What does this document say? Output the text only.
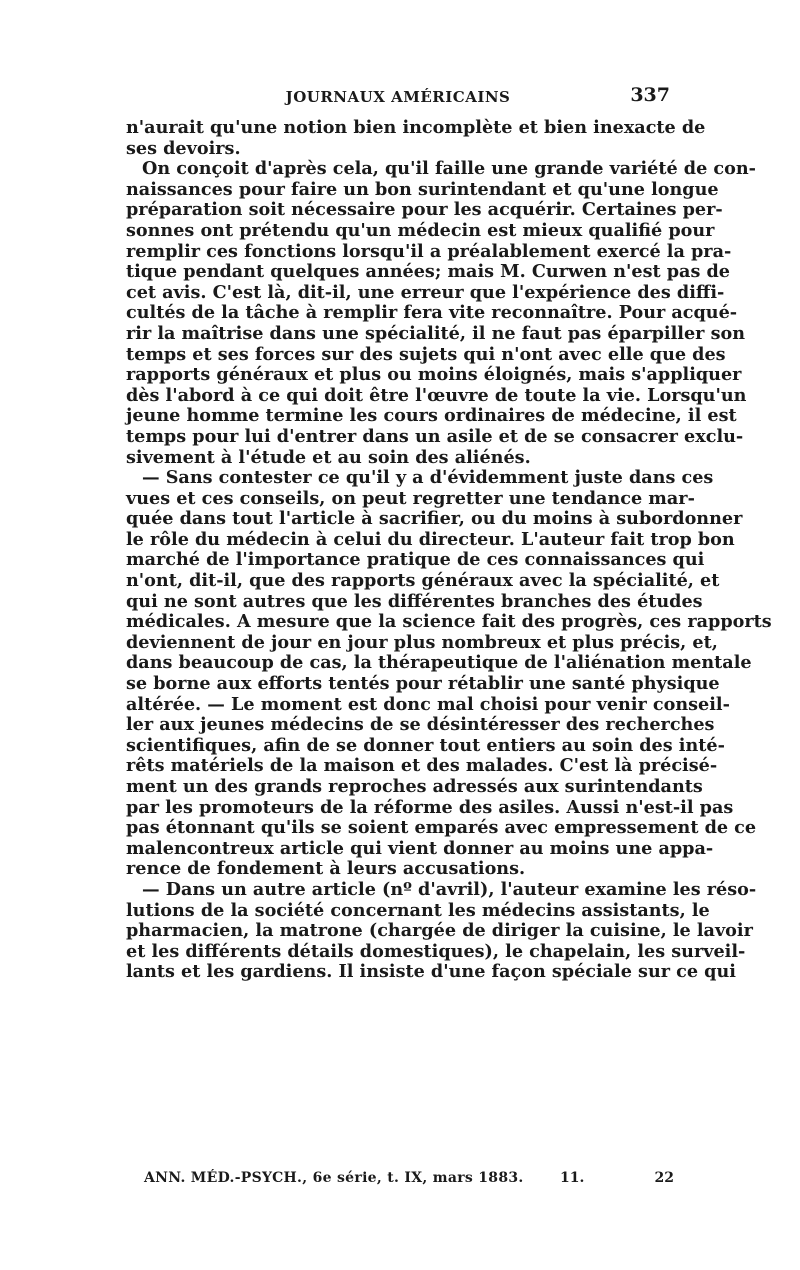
JOURNAUX AMÉRICAINS	337
n'aurait qu'une notion bien incomplète et bien inexacte de
ses devoirs.
On conçoit d'après cela, qu'il faille une grande variété de con-
naissances pour faire un bon surintendant et qu'une longue
préparation soit nécessaire pour les acquérir. Certaines per-
sonnes ont prétendu qu'un médecin est mieux qualifié pour
remplir ces fonctions lorsqu'il a préalablement exercé la pra-
tique pendant quelques années; mais M. Curwen n'est pas de
cet avis. C'est là, dit-il, une erreur que l'expérience des diffi-
cultés de la tâche à remplir fera vite reconnaître. Pour acqué-
rir la maîtrise dans une spécialité, il ne faut pas éparpiller son
temps et ses forces sur des sujets qui n'ont avec elle que des
rapports généraux et plus ou moins éloignés, mais s'appliquer
dès l'abord à ce qui doit être l'œuvre de toute la vie. Lorsqu'un
jeune homme termine les cours ordinaires de médecine, il est
temps pour lui d'entrer dans un asile et de se consacrer exclu-
sivement à l'étude et au soin des aliénés.
— Sans contester ce qu'il y a d'évidemment juste dans ces
vues et ces conseils, on peut regretter une tendance mar-
quée dans tout l'article à sacrifier, ou du moins à subordonner
le rôle du médecin à celui du directeur. L'auteur fait trop bon
marché de l'importance pratique de ces connaissances qui
n'ont, dit-il, que des rapports généraux avec la spécialité, et
qui ne sont autres que les différentes branches des études
médicales. A mesure que la science fait des progrès, ces rapports
deviennent de jour en jour plus nombreux et plus précis, et,
dans beaucoup de cas, la thérapeutique de l'aliénation mentale
se borne aux efforts tentés pour rétablir une santé physique
altérée. — Le moment est donc mal choisi pour venir conseil-
ler aux jeunes médecins de se désintéresser des recherches
scientifiques, afin de se donner tout entiers au soin des inté-
rêts matériels de la maison et des malades. C'est là précisé-
ment un des grands reproches adressés aux surintendants
par les promoteurs de la réforme des asiles. Aussi n'est-il pas
pas étonnant qu'ils se soient emparés avec empressement de ce
malencontreux article qui vient donner au moins une appa-
rence de fondement à leurs accusations.
— Dans un autre article (nº d'avril), l'auteur examine les réso-
lutions de la société concernant les médecins assistants, le
pharmacien, la matrone (chargée de diriger la cuisine, le lavoir
et les différents détails domestiques), le chapelain, les surveil-
lants et les gardiens. Il insiste d'une façon spéciale sur ce qui
ANN. MÉD.-PSYCH., 6e série, t. IX, mars 1883.	11.	22
